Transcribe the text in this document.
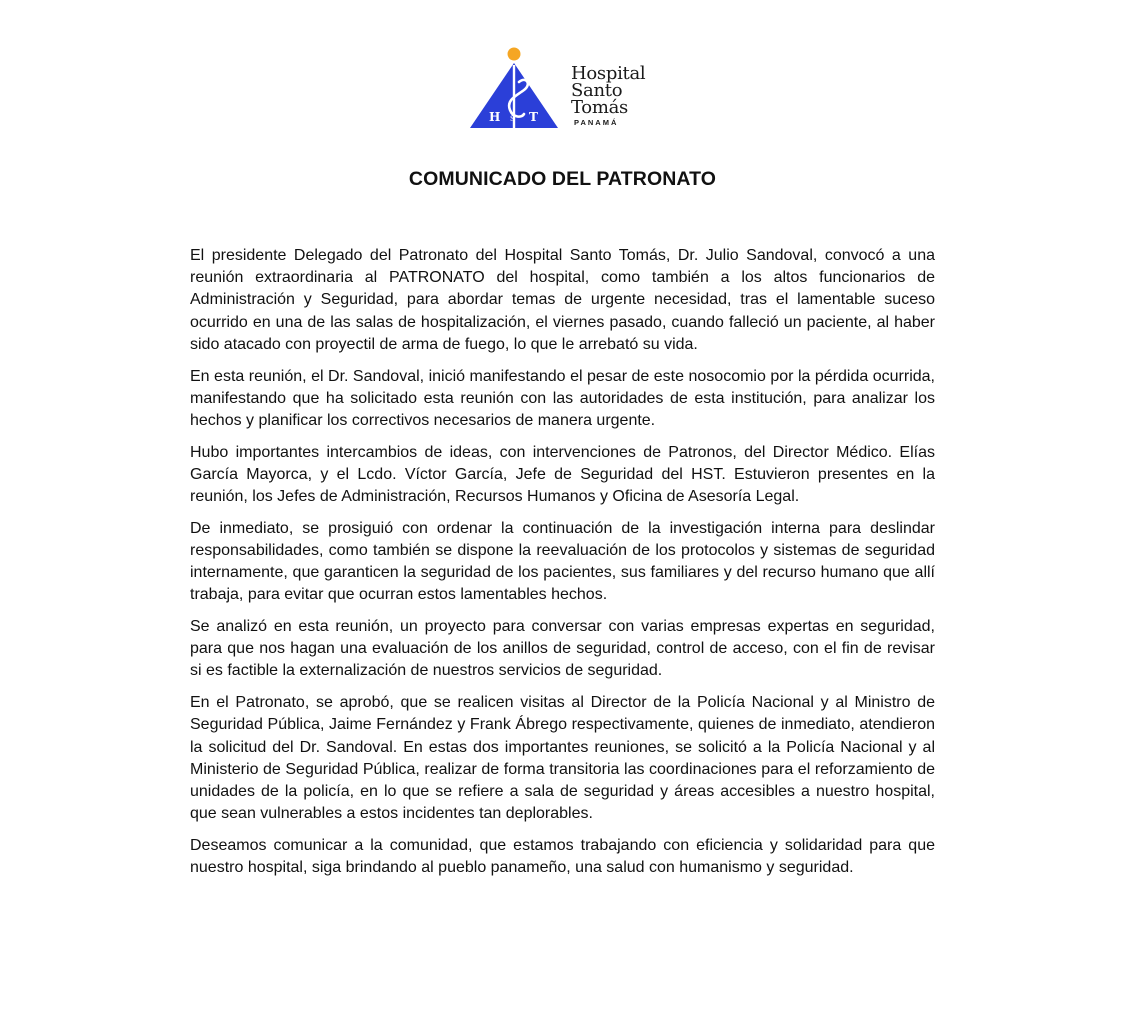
H S T
Hospital
Santo
Tomás
PANAMÁ
COMUNICADO DEL PATRONATO

El presidente Delegado del Patronato del Hospital Santo Tomás, Dr. Julio Sandoval, convocó a una reunión extraordinaria al PATRONATO del hospital, como también a los altos funcionarios de Administración y Seguridad, para abordar temas de urgente necesidad, tras el lamentable suceso ocurrido en una de las salas de hospitalización, el viernes pasado, cuando falleció un paciente, al haber sido atacado con proyectil de arma de fuego, lo que le arrebató su vida.

En esta reunión, el Dr. Sandoval, inició manifestando el pesar de este nosocomio por la pérdida ocurrida, manifestando que ha solicitado esta reunión con las autoridades de esta institución, para analizar los hechos y planificar los correctivos necesarios de manera urgente.

Hubo importantes intercambios de ideas, con intervenciones de Patronos, del Director Médico. Elías García Mayorca, y el Lcdo. Víctor García, Jefe de Seguridad del HST. Estuvieron presentes en la reunión, los Jefes de Administración, Recursos Humanos y Oficina de Asesoría Legal.

De inmediato, se prosiguió con ordenar la continuación de la investigación interna para deslindar responsabilidades, como también se dispone la reevaluación de los protocolos y sistemas de seguridad internamente, que garanticen la seguridad de los pacientes, sus familiares y del recurso humano que allí trabaja, para evitar que ocurran estos lamentables hechos.

Se analizó en esta reunión, un proyecto para conversar con varias empresas expertas en seguridad, para que nos hagan una evaluación de los anillos de seguridad, control de acceso, con el fin de revisar si es factible la externalización de nuestros servicios de seguridad.

En el Patronato, se aprobó, que se realicen visitas al Director de la Policía Nacional y al Ministro de Seguridad Pública, Jaime Fernández y Frank Ábrego respectivamente, quienes de inmediato, atendieron la solicitud del Dr. Sandoval. En estas dos importantes reuniones, se solicitó a la Policía Nacional y al Ministerio de Seguridad Pública, realizar de forma transitoria las coordinaciones para el reforzamiento de unidades de la policía, en lo que se refiere a sala de seguridad y áreas accesibles a nuestro hospital, que sean vulnerables a estos incidentes tan deplorables.

Deseamos comunicar a la comunidad, que estamos trabajando con eficiencia y solidaridad para que nuestro hospital, siga brindando al pueblo panameño, una salud con humanismo y seguridad.
